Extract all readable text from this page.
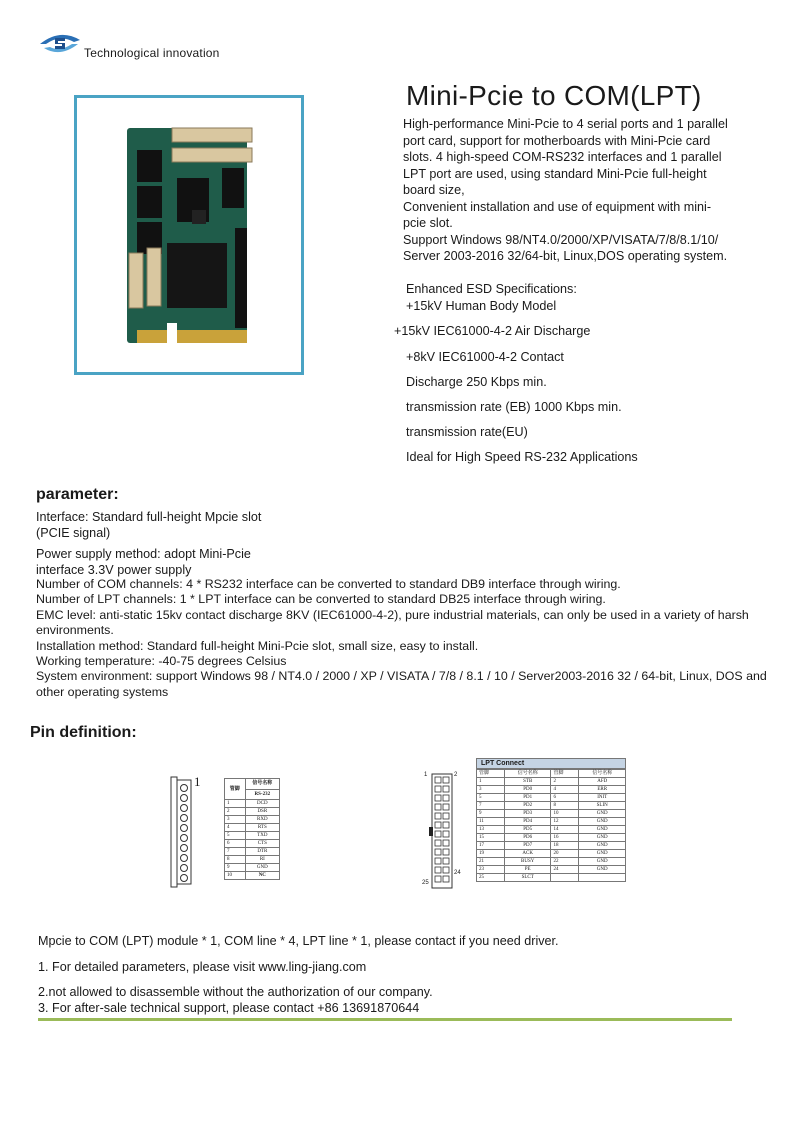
Technological innovation
Mini-Pcie to COM(LPT)
High-performance Mini-Pcie to 4 serial ports and 1 parallel
port card, support for motherboards with Mini-Pcie card
slots. 4 high-speed COM-RS232 interfaces and 1 parallel
LPT port are used, using standard Mini-Pcie full-height
board size,
Convenient installation and use of equipment with mini-
pcie slot.
Support Windows 98/NT4.0/2000/XP/VISATA/7/8/8.1/10/
Server 2003-2016 32/64-bit, Linux,DOS operating system.
Enhanced ESD Specifications:
+15kV Human Body Model
+15kV IEC61000-4-2 Air Discharge
+8kV IEC61000-4-2 Contact
Discharge 250 Kbps min.
transmission rate (EB) 1000 Kbps min.
transmission rate(EU)
Ideal for High Speed RS-232 Applications
parameter:
Interface: Standard full-height Mpcie slot
(PCIE signal)
Power supply method: adopt Mini-Pcie
interface 3.3V power supply
Number of COM channels: 4 * RS232 interface can be converted to standard DB9 interface through wiring.
Number of LPT channels: 1 * LPT interface can be converted to standard DB25 interface through wiring.
EMC level: anti-static 15kv contact discharge 8KV (IEC61000-4-2), pure industrial materials, can only be used in a variety of harsh environments.
Installation method: Standard full-height Mini-Pcie slot, small size, easy to install.
Working temperature: -40-75 degrees Celsius
System environment: support Windows 98 / NT4.0 / 2000 / XP / VISATA / 7/8 / 8.1 / 10 / Server2003-2016 32 / 64-bit, Linux, DOS and other operating systems
Pin definition:
1	管脚	信号名称
	RS-232
1	DCD
2	DSR
3	RXD
4	RTS
5	TXD
6	CTS
7	DTR
8	RI
9	GND
10	NC
1	2
25
24
LPT Connect
管脚	信号名称	管脚	信号名称
1	STB	2	AFD
3	PD0	4	ERR
5	PD1	6	INIT
7	PD2	8	SLIN
9	PD3	10	GND
11	PD4	12	GND
13	PD5	14	GND
15	PD6	16	GND
17	PD7	18	GND
19	ACK	20	GND
21	BUSY	22	GND
23	PE	24	GND
25	SLCT		
Mpcie to COM (LPT) module * 1, COM line * 4, LPT line * 1, please contact if you need driver.
1. For detailed parameters, please visit www.ling-jiang.com
2.not allowed to disassemble without the authorization of our company.
3. For after-sale technical support, please contact +86 13691870644
